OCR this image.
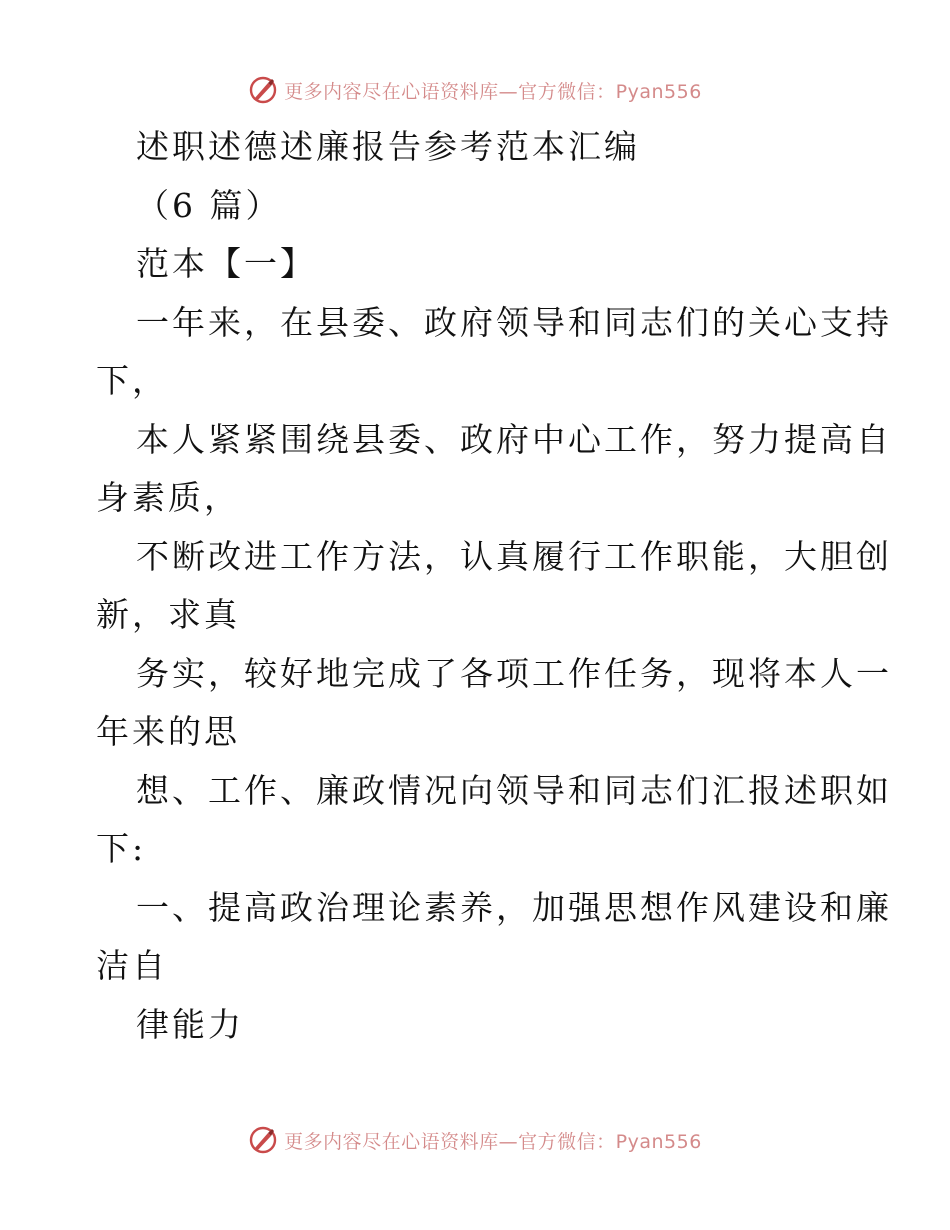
更多内容尽在心语资料库—官方微信：Pyan556
述职述德述廉报告参考范本汇编
（6 篇）
范本【一】
一年来，在县委、政府领导和同志们的关心支持
下，
本人紧紧围绕县委、政府中心工作，努力提高自
身素质，
不断改进工作方法，认真履行工作职能，大胆创
新，求真
务实，较好地完成了各项工作任务，现将本人一
年来的思
想、工作、廉政情况向领导和同志们汇报述职如
下:
一、提高政治理论素养，加强思想作风建设和廉
洁自
律能力
更多内容尽在心语资料库—官方微信：Pyan556
